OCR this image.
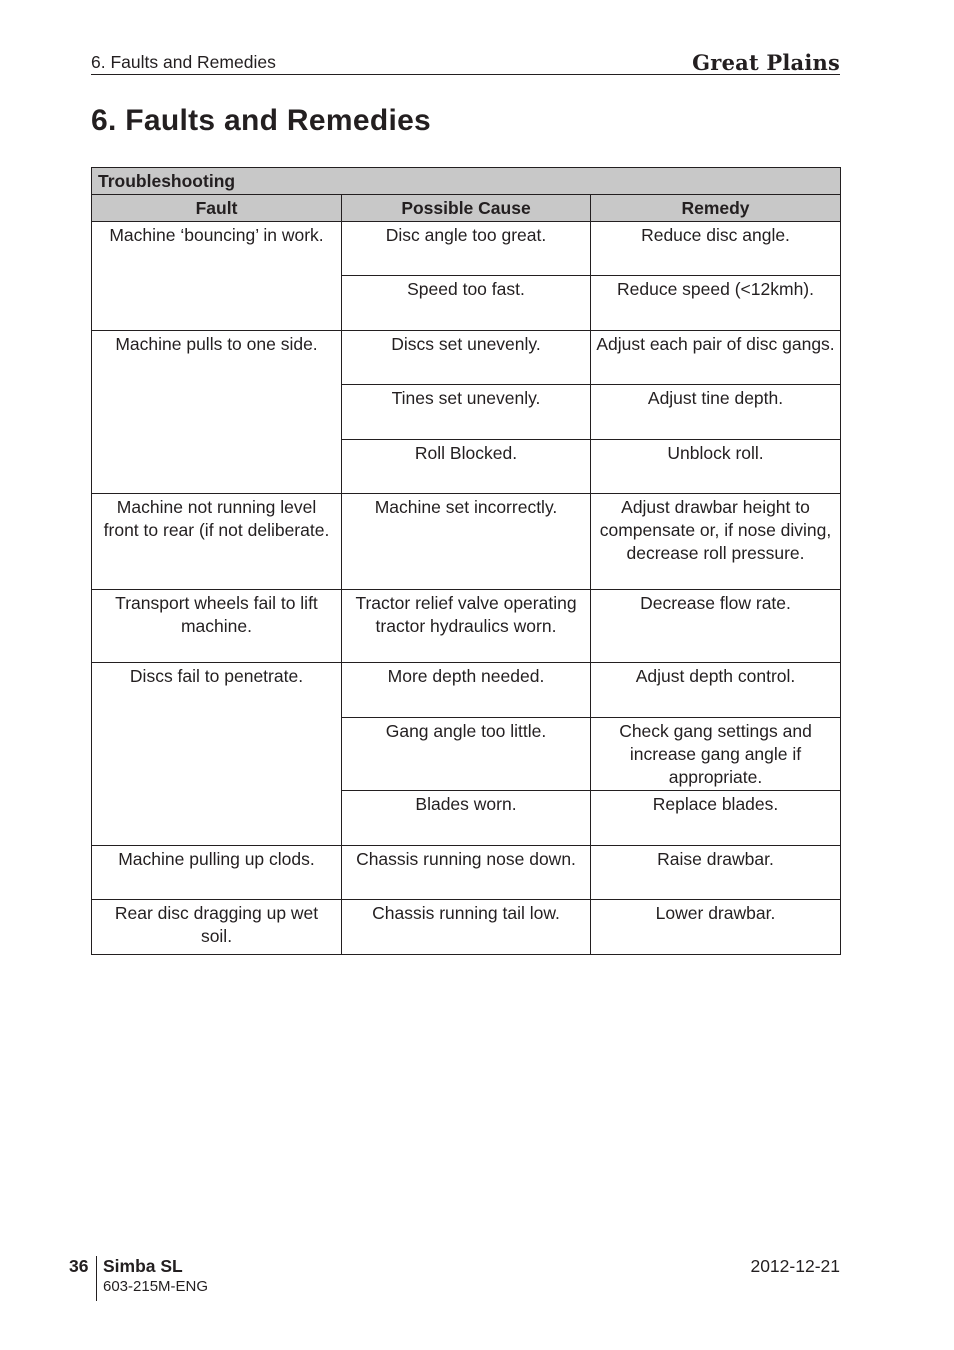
6. Faults and Remedies	Great Plains
6. Faults and Remedies
Troubleshooting		
Fault	Possible Cause	Remedy
Machine ‘bouncing’ in work.	Disc angle too great.	Reduce disc angle.
	Speed too fast.	Reduce speed (<12kmh).
Machine pulls to one side.	Discs set unevenly.	Adjust each pair of disc gangs.
	Tines set unevenly.	Adjust tine depth.
	Roll Blocked.	Unblock roll.
Machine not running level front to rear (if not deliberate.	Machine set incorrectly.	Adjust drawbar height to compensate or, if nose diving, decrease roll pressure.
Transport wheels fail to lift machine.	Tractor relief valve operating tractor hydraulics worn.	Decrease flow rate.
Discs fail to penetrate.	More depth needed.	Adjust depth control.
	Gang angle too little.	Check gang settings and increase gang angle if appropriate.
	Blades worn.	Replace blades.
Machine pulling up clods.	Chassis running nose down.	Raise drawbar.
Rear disc dragging up wet soil.	Chassis running tail low.	Lower drawbar.
36 Simba SL
603-215M-ENG
2012-12-21
